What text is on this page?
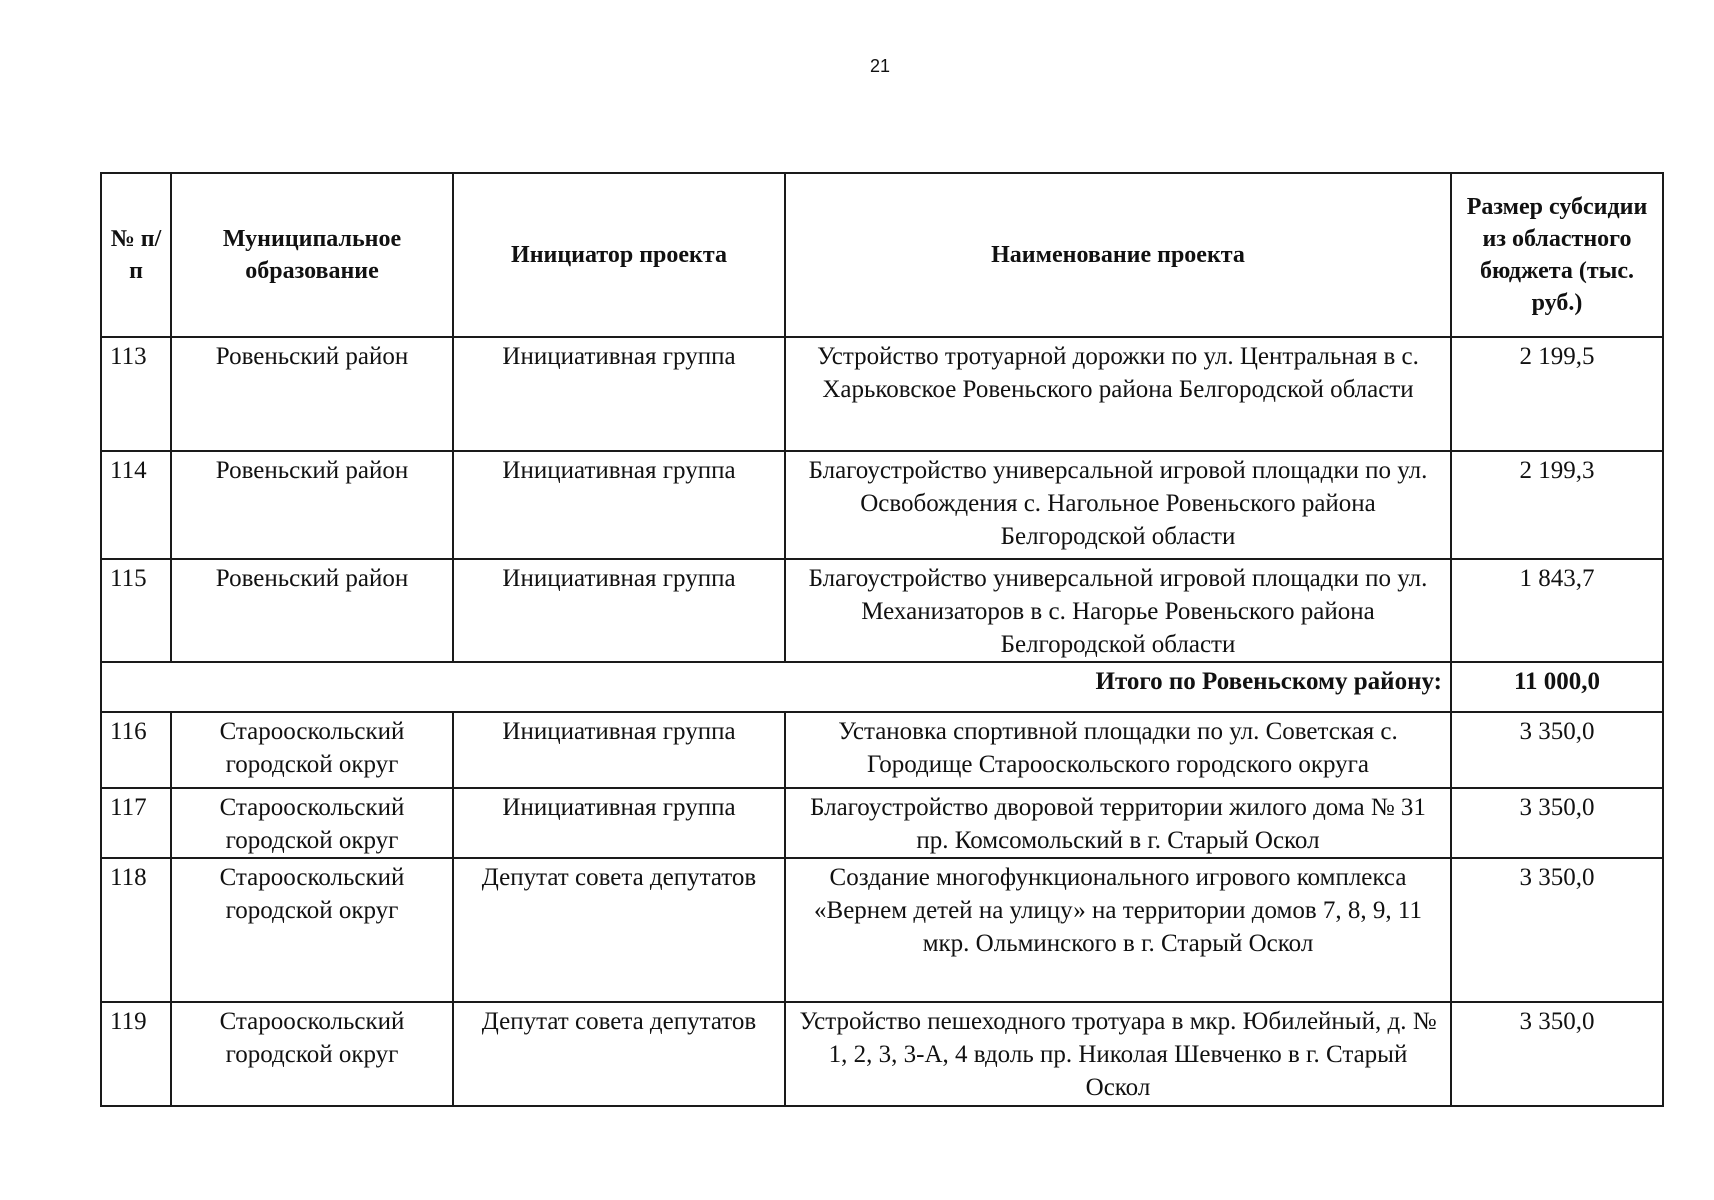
21
№ п/п	Муниципальное образование	Инициатор проекта	Наименование проекта	Размер субсидии из областного бюджета (тыс. руб.)
113	Ровеньский район	Инициативная группа	Устройство тротуарной дорожки по ул. Центральная в с. Харьковское Ровеньского района Белгородской области	2 199,5
114	Ровеньский район	Инициативная группа	Благоустройство универсальной игровой площадки по ул. Освобождения с. Нагольное Ровеньского района Белгородской области	2 199,3
115	Ровеньский район	Инициативная группа	Благоустройство универсальной игровой площадки по ул. Механизаторов в с. Нагорье Ровеньского района Белгородской области	1 843,7
Итого по Ровеньскому району:				11 000,0
116	Старооскольский городской округ	Инициативная группа	Установка спортивной площадки по ул. Советская с. Городище Старооскольского городского округа	3 350,0
117	Старооскольский городской округ	Инициативная группа	Благоустройство дворовой территории жилого дома № 31 пр. Комсомольский в г. Старый Оскол	3 350,0
118	Старооскольский городской округ	Депутат совета депутатов	Создание многофункционального игрового комплекса «Вернем детей на улицу» на территории домов 7, 8, 9, 11 мкр. Ольминского в г. Старый Оскол	3 350,0
119	Старооскольский городской округ	Депутат совета депутатов	Устройство пешеходного тротуара в мкр. Юбилейный, д. № 1, 2, 3, 3-А, 4 вдоль пр. Николая Шевченко в г. Старый Оскол	3 350,0
